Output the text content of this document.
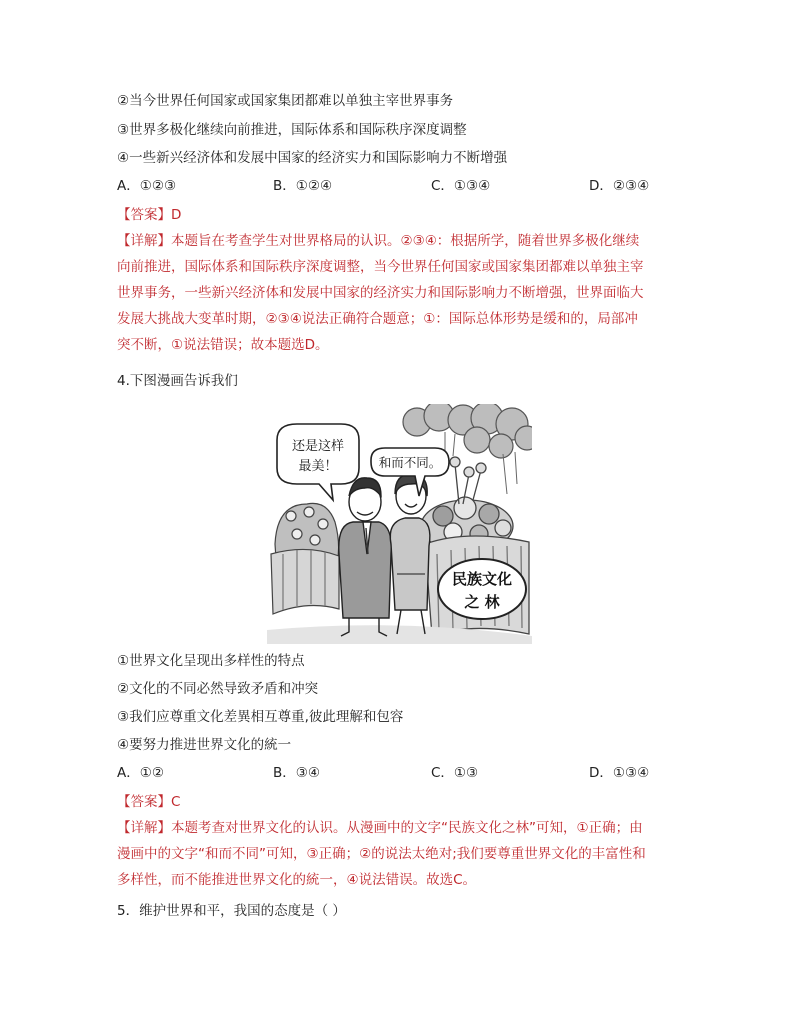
②当今世界任何国家或国家集团都难以单独主宰世界事务
③世界多极化继续向前推进，国际体系和国际秩序深度调整
④一些新兴经济体和发展中国家的经济实力和国际影响力不断增强
A．①②③	B．①②④	C．①③④	D．②③④
【答案】D
【详解】本题旨在考查学生对世界格局的认识。②③④：根据所学，随着世界多极化继续
向前推进，国际体系和国际秩序深度调整，当今世界任何国家或国家集团都难以单独主宰
世界事务，一些新兴经济体和发展中国家的经济实力和国际影响力不断增强，世界面临大
发展大挑战大变革时期，②③④说法正确符合题意；①：国际总体形势是缓和的，局部冲
突不断，①说法错误；故本题选D。
4.下图漫画告诉我们
民族文化
之 林
还是这样
最美！	和而不同。
①世界文化呈现出多样性的特点
②文化的不同必然导致矛盾和冲突
③我们应尊重文化差異相互尊重,彼此理解和包容
④要努力推进世界文化的統一
A．①②	B．③④	C．①③	D．①③④
【答案】C
【详解】本题考查对世界文化的认识。从漫画中的文字“民族文化之林”可知，①正确；由
漫画中的文字“和而不同”可知，③正确；②的说法太绝对;我们要尊重世界文化的丰富性和
多样性，而不能推进世界文化的統一，④说法错误。故选C。
5．维护世界和平，我国的态度是（ ）
